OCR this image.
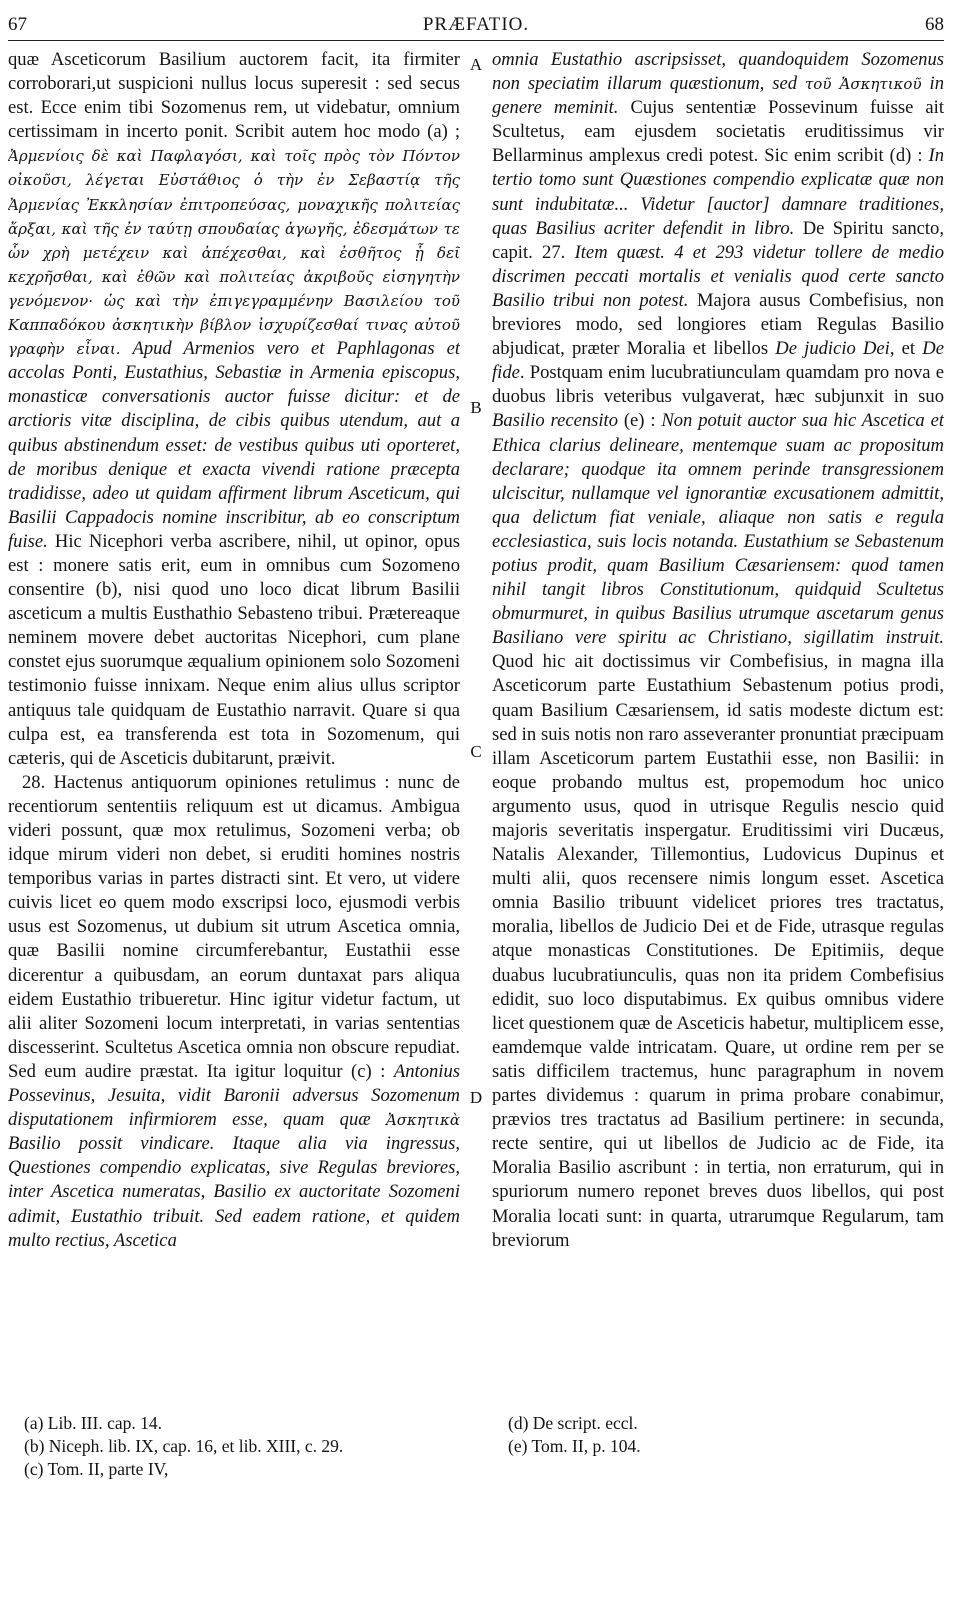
67	PRÆFATIO.	68

quæ Asceticorum Basilium auctorem facit, ita firmiter corroborari,ut suspicioni nullus locus superesit : sed secus est. Ecce enim tibi Sozomenus rem, ut videbatur, omnium certissimam in incerto ponit. Scribit autem hoc modo (a) ; Ἀρμενίοις δὲ καὶ Παφλαγόσι, καὶ τοῖς πρὸς τὸν Πόντον οἰκοῦσι, λέγεται Εὐστάθιος ὁ τὴν ἐν Σεβαστίᾳ τῆς Ἀρμενίας Ἐκκλησίαν ἐπιτροπεύσας, μοναχικῆς πολιτείας ἄρξαι, καὶ τῆς ἐν ταύτῃ σπουδαίας ἀγωγῆς, ἐδεσμάτων τε ὧν χρὴ μετέχειν καὶ ἀπέχεσθαι, καὶ ἐσθῆτος ᾗ δεῖ κεχρῆσθαι, καὶ ἐθῶν καὶ πολιτείας ἀκριβοῦς εἰσηγητὴν γενόμενον· ὡς καὶ τὴν ἐπιγεγραμμένην Βασιλείου τοῦ Καππαδόκου ἀσκητικὴν βίβλον ἰσχυρίζεσθαί τινας αὐτοῦ γραφὴν εἶναι. Apud Armenios vero et Paphlagonas et accolas Ponti, Eustathius, Sebastiæ in Armenia episcopus, monasticæ conversationis auctor fuisse dicitur: et de arctioris vitæ disciplina, de cibis quibus utendum, aut a quibus abstinendum esset: de vestibus quibus uti oporteret, de moribus denique et exacta vivendi ratione præcepta tradidisse, adeo ut quidam affirment librum Asceticum, qui Basilii Cappadocis nomine inscribitur, ab eo conscriptum fuise. Hic Nicephori verba ascribere, nihil, ut opinor, opus est : monere satis erit, eum in omnibus cum Sozomeno consentire (b), nisi quod uno loco dicat librum Basilii asceticum a multis Eusthathio Sebasteno tribui. Prætereaque neminem movere debet auctoritas Nicephori, cum plane constet ejus suorumque æqualium opinionem solo Sozomeni testimonio fuisse innixam. Neque enim alius ullus scriptor antiquus tale quidquam de Eustathio narravit. Quare si qua culpa est, ea transferenda est tota in Sozomenum, qui cæteris, qui de Asceticis dubitarunt, præivit.
28. Hactenus antiquorum opiniones retulimus : nunc de recentiorum sententiis reliquum est ut dicamus. Ambigua videri possunt, quæ mox retulimus, Sozomeni verba; ob idque mirum videri non debet, si eruditi homines nostris temporibus varias in partes distracti sint. Et vero, ut videre cuivis licet eo quem modo exscripsi loco, ejusmodi verbis usus est Sozomenus, ut dubium sit utrum Ascetica omnia, quæ Basilii nomine circumferebantur, Eustathii esse dicerentur a quibusdam, an eorum duntaxat pars aliqua eidem Eustathio tribueretur. Hinc igitur videtur factum, ut alii aliter Sozomeni locum interpretati, in varias sententias discesserint. Scultetus Ascetica omnia non obscure repudiat. Sed eum audire præstat. Ita igitur loquitur (c) : Antonius Possevinus, Jesuita, vidit Baronii adversus Sozomenum disputationem infirmiorem esse, quam quæ Ἀσκητικὰ Basilio possit vindicare. Itaque alia via ingressus, Questiones compendio explicatas, sive Regulas breviores, inter Ascetica numeratas, Basilio ex auctoritate Sozomeni adimit, Eustathio tribuit. Sed eadem ratione, et quidem multo rectius, Ascetica

A
B
C
D

omnia Eustathio ascripsisset, quandoquidem Sozomenus non speciatim illarum quæstionum, sed τοῦ Ἀσκητικοῦ in genere meminit. Cujus sententiæ Possevinum fuisse ait Scultetus, eam ejusdem societatis eruditissimus vir Bellarminus amplexus credi potest. Sic enim scribit (d) : In tertio tomo sunt Quæstiones compendio explicatæ quæ non sunt indubitatæ... Videtur [auctor] damnare traditiones, quas Basilius acriter defendit in libro. De Spiritu sancto, capit. 27. Item quæst. 4 et 293 videtur tollere de medio discrimen peccati mortalis et venialis quod certe sancto Basilio tribui non potest. Majora ausus Combefisius, non breviores modo, sed longiores etiam Regulas Basilio abjudicat, præter Moralia et libellos De judicio Dei, et De fide. Postquam enim lucubratiunculam quamdam pro nova e duobus libris veteribus vulgaverat, hæc subjunxit in suo Basilio recensito (e) : Non potuit auctor sua hic Ascetica et Ethica clarius delineare, mentemque suam ac propositum declarare; quodque ita omnem perinde transgressionem ulciscitur, nullamque vel ignorantiæ excusationem admittit, qua delictum fiat veniale, aliaque non satis e regula ecclesiastica, suis locis notanda. Eustathium se Sebastenum potius prodit, quam Basilium Cæsariensem: quod tamen nihil tangit libros Constitutionum, quidquid Scultetus obmurmuret, in quibus Basilius utrumque ascetarum genus Basiliano vere spiritu ac Christiano, sigillatim instruit. Quod hic ait doctissimus vir Combefisius, in magna illa Asceticorum parte Eustathium Sebastenum potius prodi, quam Basilium Cæsariensem, id satis modeste dictum est: sed in suis notis non raro asseveranter pronuntiat præcipuam illam Asceticorum partem Eustathii esse, non Basilii: in eoque probando multus est, propemodum hoc unico argumento usus, quod in utrisque Regulis nescio quid majoris severitatis inspergatur. Eruditissimi viri Ducæus, Natalis Alexander, Tillemontius, Ludovicus Dupinus et multi alii, quos recensere nimis longum esset. Ascetica omnia Basilio tribuunt videlicet priores tres tractatus, moralia, libellos de Judicio Dei et de Fide, utrasque regulas atque monasticas Constitutiones. De Epitimiis, deque duabus lucubratiunculis, quas non ita pridem Combefisius edidit, suo loco disputabimus. Ex quibus omnibus videre licet questionem quæ de Asceticis habetur, multiplicem esse, eamdemque valde intricatam. Quare, ut ordine rem per se satis difficilem tractemus, hunc paragraphum in novem partes dividemus : quarum in prima probare conabimur, prævios tres tractatus ad Basilium pertinere: in secunda, recte sentire, qui ut libellos de Judicio ac de Fide, ita Moralia Basilio ascribunt : in tertia, non erraturum, qui in spuriorum numero reponet breves duos libellos, qui post Moralia locati sunt: in quarta, utrarumque Regularum, tam breviorum

(a) Lib. III. cap. 14.
(b) Niceph. lib. IX, cap. 16, et lib. XIII, c. 29.
(c) Tom. II, parte IV,
(d) De script. eccl.
(e) Tom. II, p. 104.
